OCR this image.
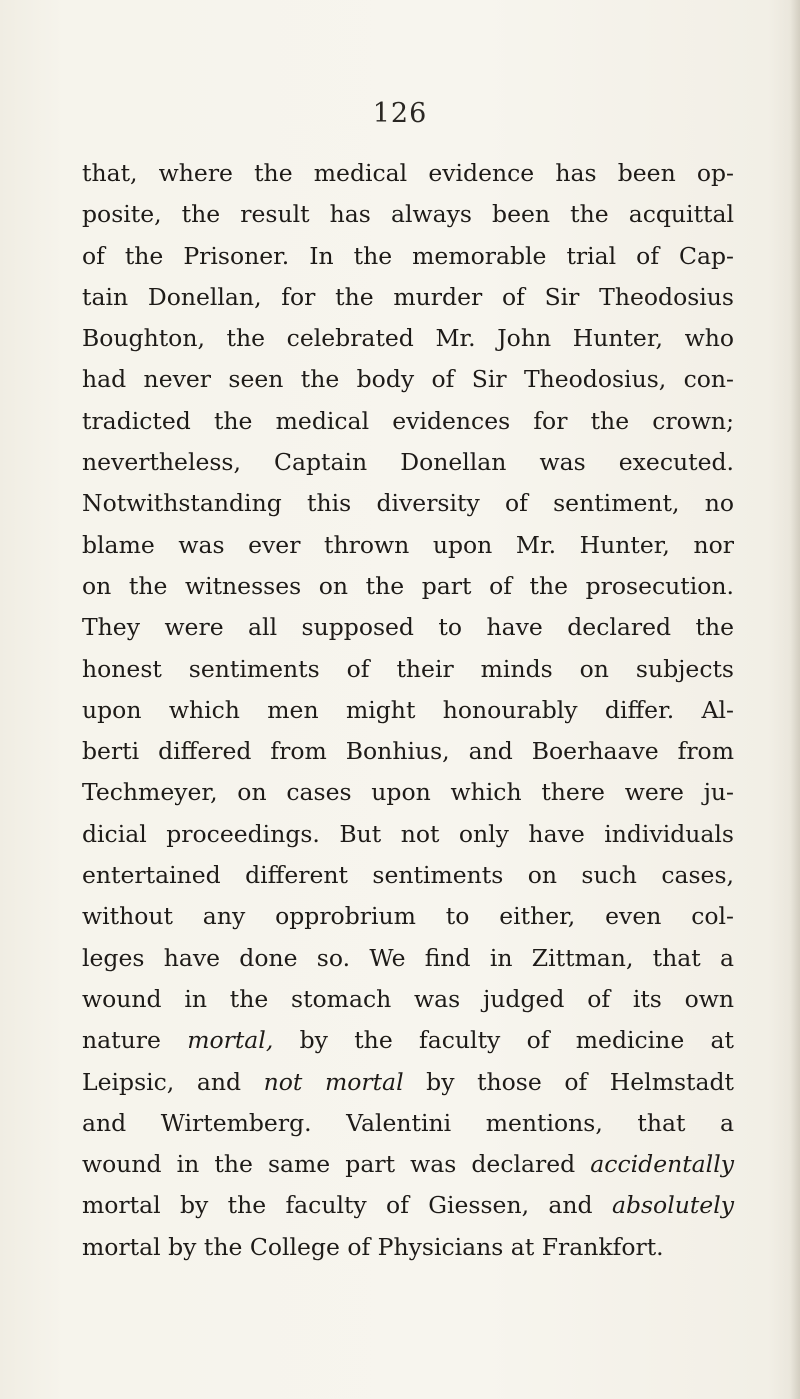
126
that, where the medical evidence has been op-
posite, the result has always been the acquittal
of the Prisoner. In the memorable trial of Cap-
tain Donellan, for the murder of Sir Theodosius
Boughton, the celebrated Mr. John Hunter, who
had never seen the body of Sir Theodosius, con-
tradicted the medical evidences for the crown;
nevertheless, Captain Donellan was executed.
Notwithstanding this diversity of sentiment, no
blame was ever thrown upon Mr. Hunter, nor
on the witnesses on the part of the prosecution.
They were all supposed to have declared the
honest sentiments of their minds on subjects
upon which men might honourably differ. Al-
berti differed from Bonhius, and Boerhaave from
Techmeyer, on cases upon which there were ju-
dicial proceedings. But not only have individuals
entertained different sentiments on such cases,
without any opprobrium to either, even col-
leges have done so. We find in Zittman, that a
wound in the stomach was judged of its own
nature mortal, by the faculty of medicine at
Leipsic, and not mortal by those of Helmstadt
and Wirtemberg. Valentini mentions, that a
wound in the same part was declared accidentally
mortal by the faculty of Giessen, and absolutely
mortal by the College of Physicians at Frankfort.
